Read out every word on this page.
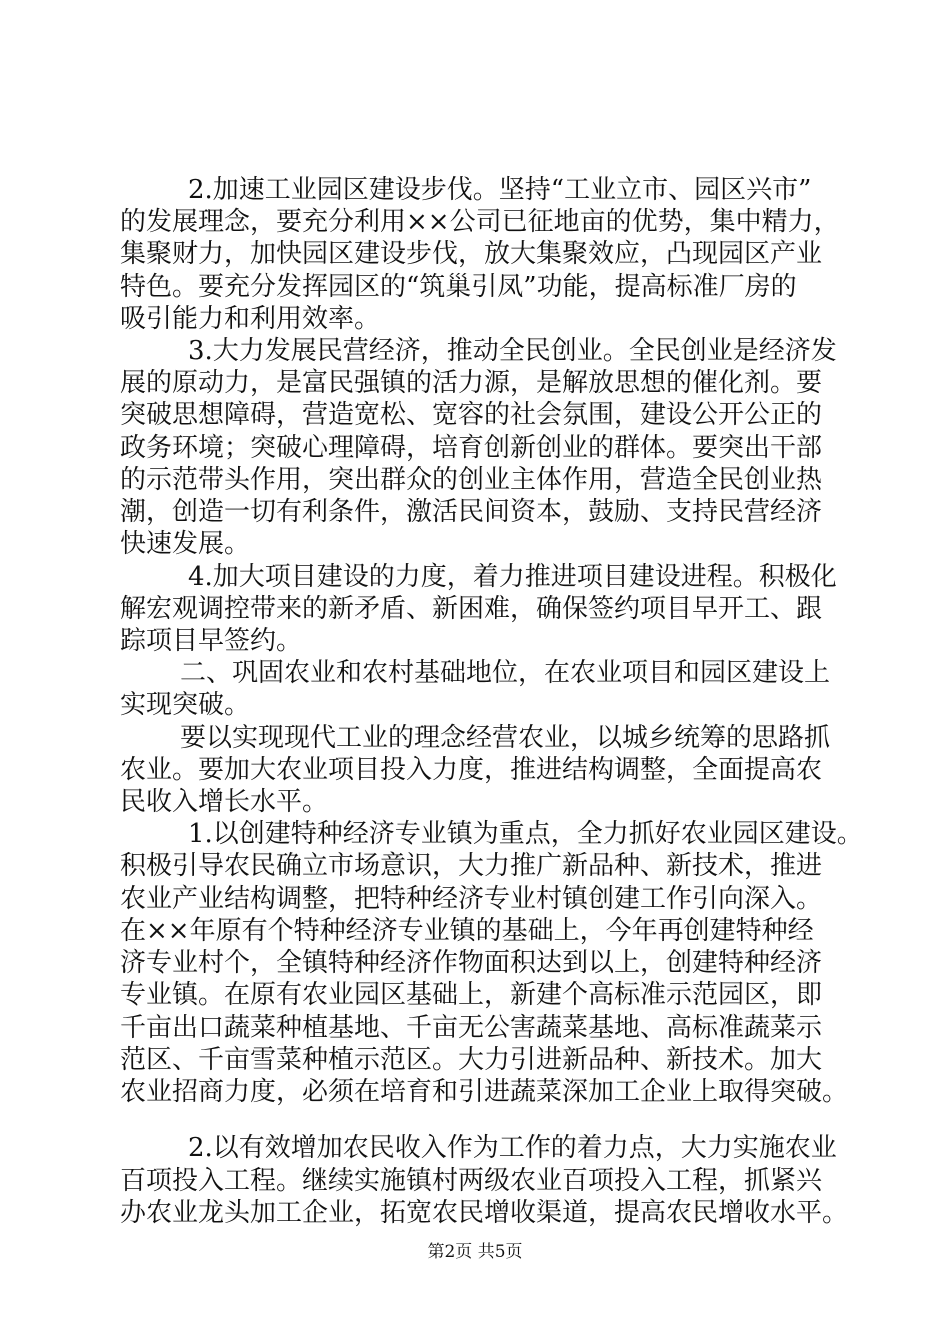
2.加速工业园区建设步伐。坚持“工业立市、园区兴市”
的发展理念，要充分利用××公司已征地亩的优势，集中精力，
集聚财力，加快园区建设步伐，放大集聚效应，凸现园区产业
特色。要充分发挥园区的“筑巢引凤”功能，提高标准厂房的
吸引能力和利用效率。
3.大力发展民营经济，推动全民创业。全民创业是经济发
展的原动力，是富民强镇的活力源，是解放思想的催化剂。要
突破思想障碍，营造宽松、宽容的社会氛围，建设公开公正的
政务环境；突破心理障碍，培育创新创业的群体。要突出干部
的示范带头作用，突出群众的创业主体作用，营造全民创业热
潮，创造一切有利条件，激活民间资本，鼓励、支持民营经济
快速发展。
4.加大项目建设的力度，着力推进项目建设进程。积极化
解宏观调控带来的新矛盾、新困难，确保签约项目早开工、跟
踪项目早签约。
二、巩固农业和农村基础地位，在农业项目和园区建设上
实现突破。
要以实现现代工业的理念经营农业，以城乡统筹的思路抓
农业。要加大农业项目投入力度，推进结构调整，全面提高农
民收入增长水平。
1.以创建特种经济专业镇为重点，全力抓好农业园区建设。
积极引导农民确立市场意识，大力推广新品种、新技术，推进
农业产业结构调整，把特种经济专业村镇创建工作引向深入。
在××年原有个特种经济专业镇的基础上，今年再创建特种经
济专业村个，全镇特种经济作物面积达到以上，创建特种经济
专业镇。在原有农业园区基础上，新建个高标准示范园区，即
千亩出口蔬菜种植基地、千亩无公害蔬菜基地、高标准蔬菜示
范区、千亩雪菜种植示范区。大力引进新品种、新技术。加大
农业招商力度，必须在培育和引进蔬菜深加工企业上取得突破。
2.以有效增加农民收入作为工作的着力点，大力实施农业
百项投入工程。继续实施镇村两级农业百项投入工程，抓紧兴
办农业龙头加工企业，拓宽农民增收渠道，提高农民增收水平。
第2页 共5页
